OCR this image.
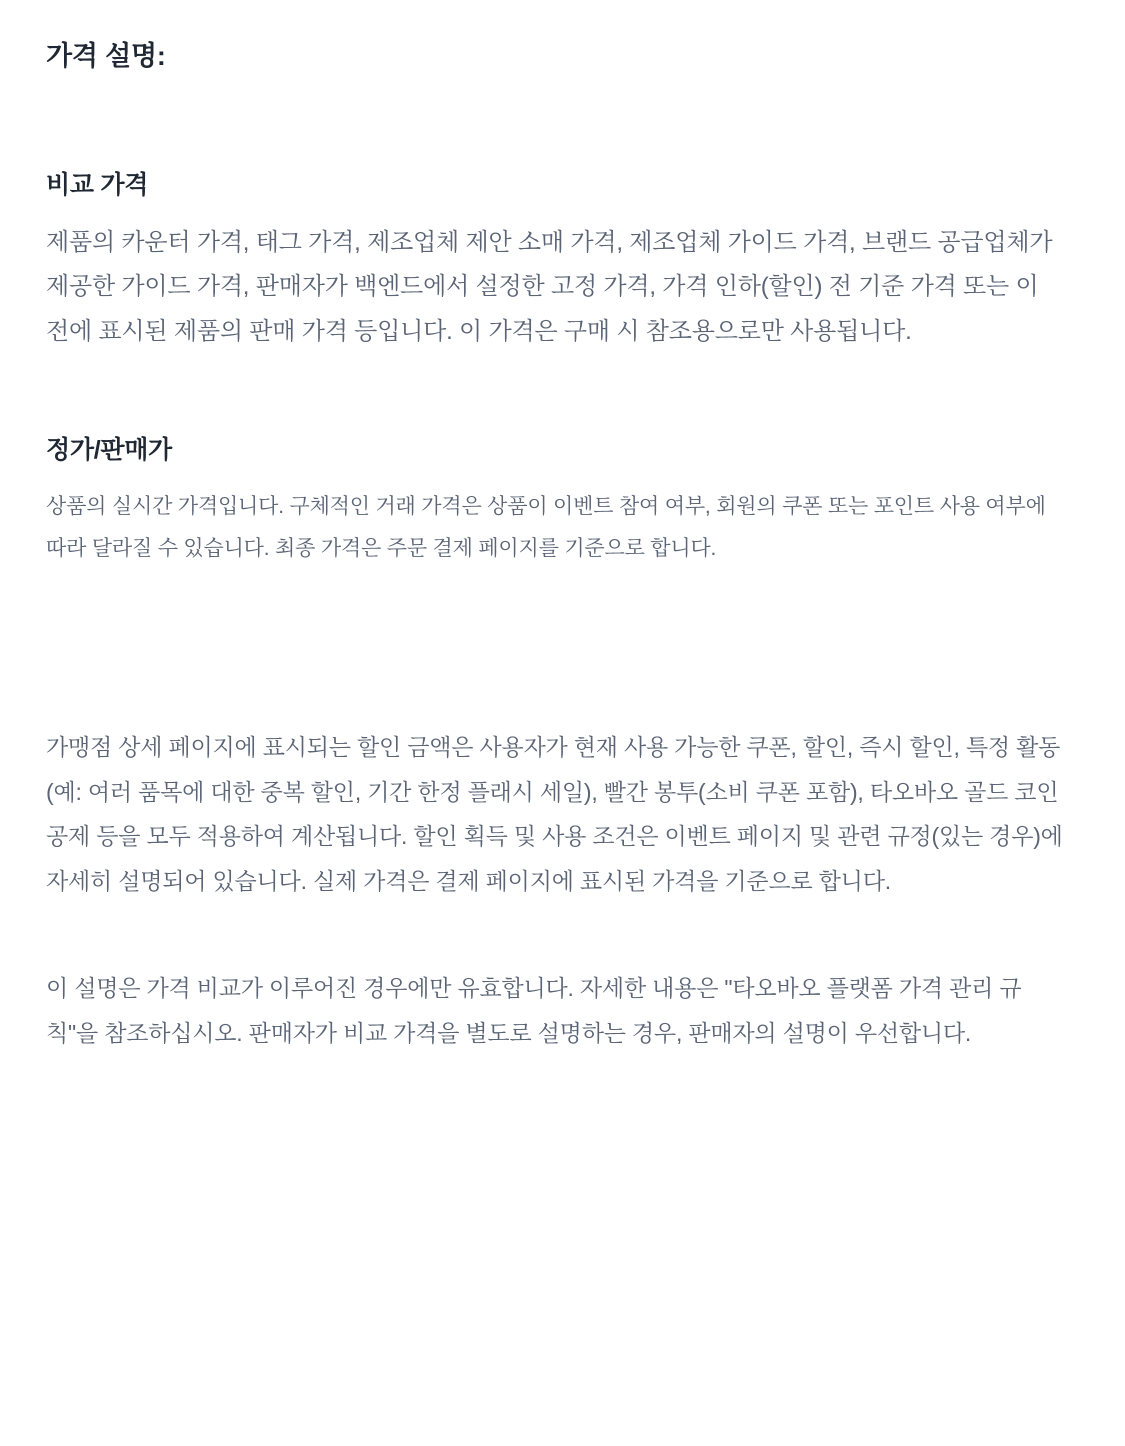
가격 설명:
비교 가격

제품의 카운터 가격, 태그 가격, 제조업체 제안 소매 가격, 제조업체 가이드 가격, 브랜드 공급업체가 제공한 가이드 가격, 판매자가 백엔드에서 설정한 고정 가격, 가격 인하(할인) 전 기준 가격 또는 이전에 표시된 제품의 판매 가격 등입니다. 이 가격은 구매 시 참조용으로만 사용됩니다.

정가/판매가

상품의 실시간 가격입니다. 구체적인 거래 가격은 상품이 이벤트 참여 여부, 회원의 쿠폰 또는 포인트 사용 여부에 따라 달라질 수 있습니다. 최종 가격은 주문 결제 페이지를 기준으로 합니다.

가맹점 상세 페이지에 표시되는 할인 금액은 사용자가 현재 사용 가능한 쿠폰, 할인, 즉시 할인, 특정 활동(예: 여러 품목에 대한 중복 할인, 기간 한정 플래시 세일), 빨간 봉투(소비 쿠폰 포함), 타오바오 골드 코인 공제 등을 모두 적용하여 계산됩니다. 할인 획득 및 사용 조건은 이벤트 페이지 및 관련 규정(있는 경우)에 자세히 설명되어 있습니다. 실제 가격은 결제 페이지에 표시된 가격을 기준으로 합니다.

이 설명은 가격 비교가 이루어진 경우에만 유효합니다. 자세한 내용은 "타오바오 플랫폼 가격 관리 규칙"을 참조하십시오. 판매자가 비교 가격을 별도로 설명하는 경우, 판매자의 설명이 우선합니다.
